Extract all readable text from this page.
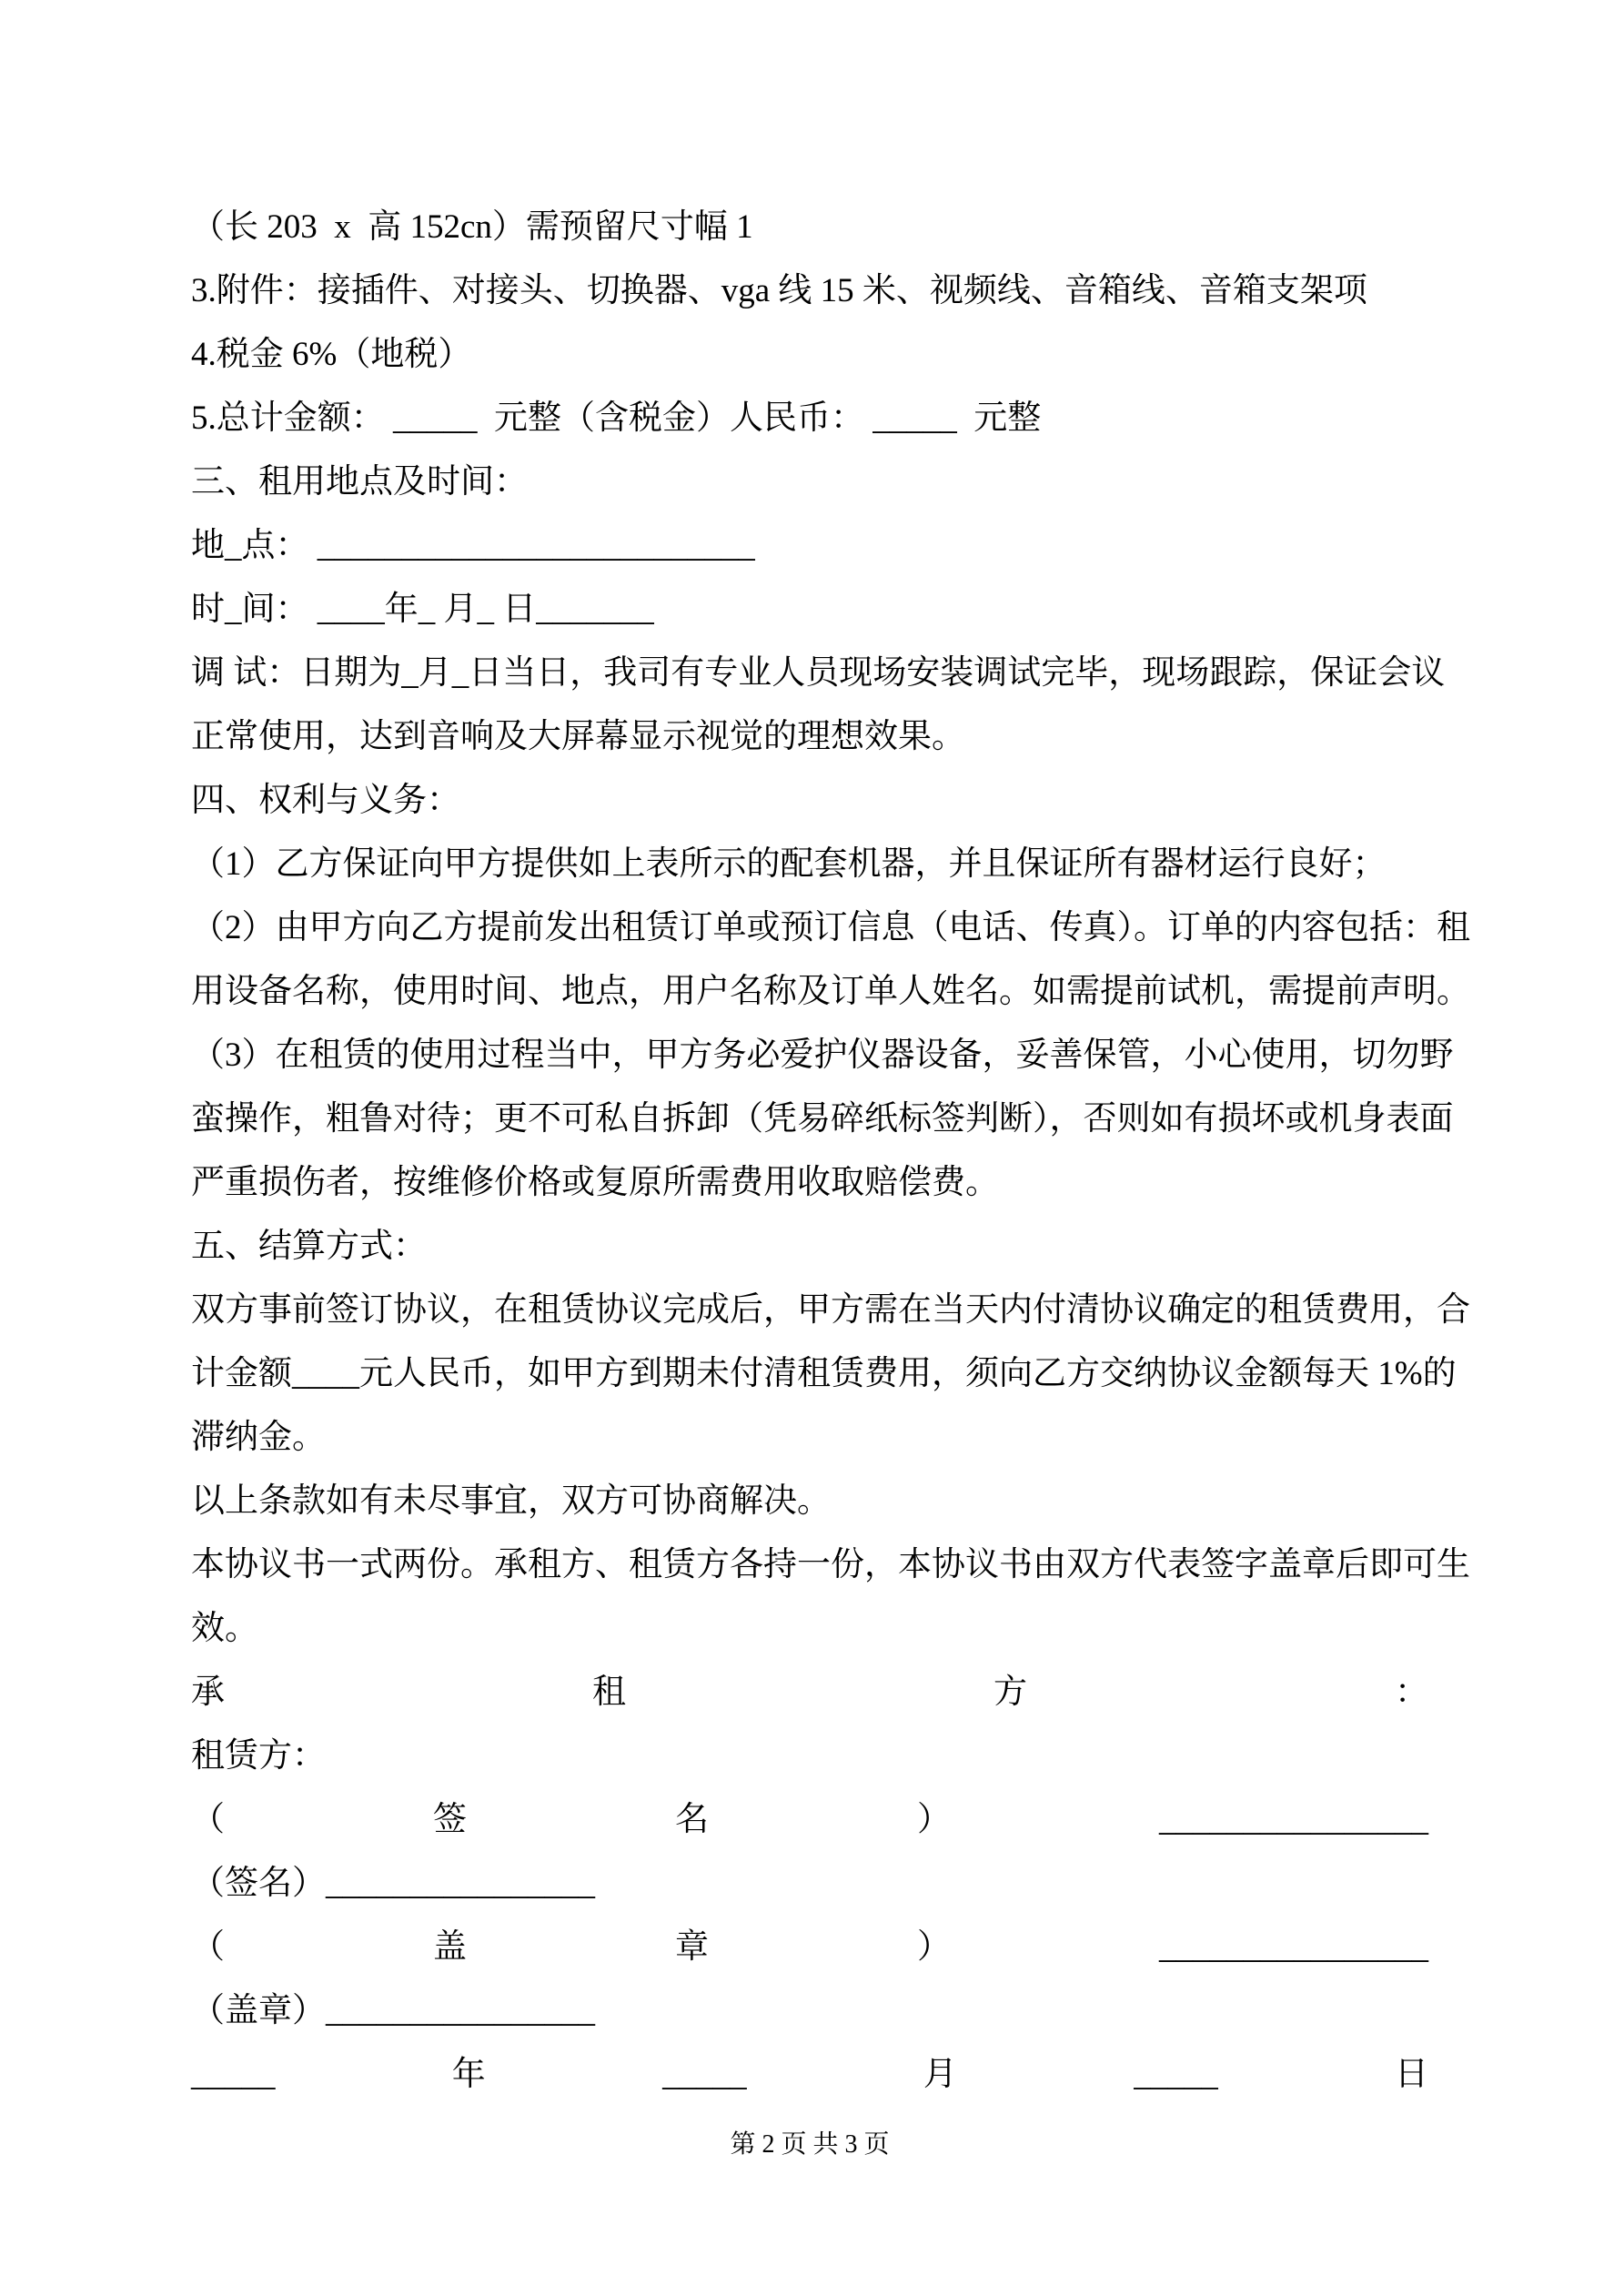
（长 203  x  高 152cn）需预留尺寸幅 1
3.附件：接插件、对接头、切换器、vga 线 15 米、视频线、音箱线、音箱支架项
4.税金 6%（地税）
5.总计金额： _____  元整（含税金）人民币： _____  元整
三、租用地点及时间：
地_点： __________________________
时_间： ____年_ 月_ 日_______
调 试：日期为_月_日当日，我司有专业人员现场安装调试完毕，现场跟踪，保证会议
正常使用，达到音响及大屏幕显示视觉的理想效果。
四、权利与义务：
（1）乙方保证向甲方提供如上表所示的配套机器，并且保证所有器材运行良好；
（2）由甲方向乙方提前发出租赁订单或预订信息（电话、传真）。订单的内容包括：租
用设备名称，使用时间、地点，用户名称及订单人姓名。如需提前试机，需提前声明。
（3）在租赁的使用过程当中，甲方务必爱护仪器设备，妥善保管，小心使用，切勿野
蛮操作，粗鲁对待；更不可私自拆卸（凭易碎纸标签判断），否则如有损坏或机身表面
严重损伤者，按维修价格或复原所需费用收取赔偿费。
五、结算方式：
双方事前签订协议，在租赁协议完成后，甲方需在当天内付清协议确定的租赁费用，合
计金额____元人民币，如甲方到期未付清租赁费用，须向乙方交纳协议金额每天 1%的
滞纳金。
以上条款如有未尽事宜，双方可协商解决。
本协议书一式两份。承租方、租赁方各持一份，本协议书由双方代表签字盖章后即可生
效。
承	租	方	：
租赁方：
（	签	名	）	________________
（签名）________________
（	盖	章	）	________________
（盖章）________________
_____	年	_____	月	_____	日
第 2 页 共 3 页
